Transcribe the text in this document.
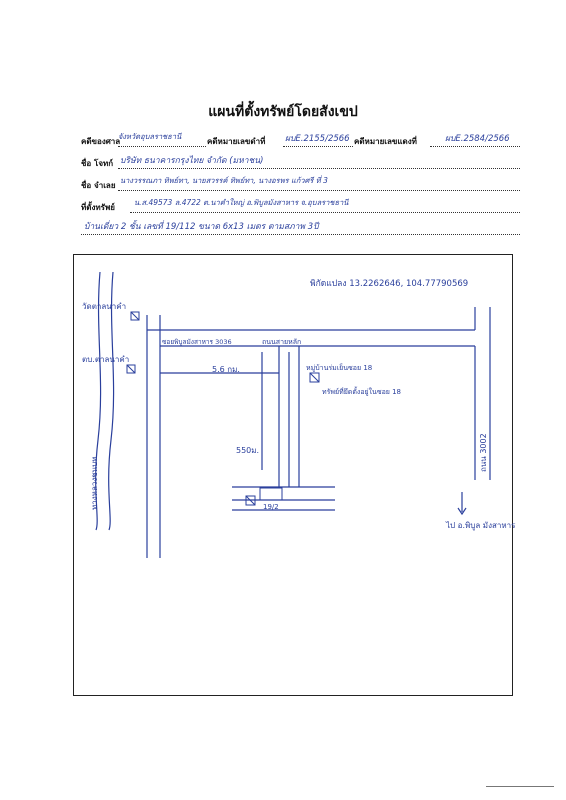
แผนที่ตั้งทรัพย์โดยสังเขป
คดีของศาล
จังหวัดอุบลราชธานี
คดีหมายเลขดำที่ ผบE.2155/2566 คดีหมายเลขแดงที่	ผบE.2584/2566
ชื่อ โจทก์ บริษัท ธนาคารกรุงไทย จำกัด (มหาชน)
ชื่อ จำเลย
นางวรรณภา ทิพย์ทา, นายสวรรค์ ทิพย์ทา, นางอรพร แก้วศรี ที่ 3
ที่ตั้งทรัพย์
น.ส.49573 ล.4722 ต.นาคำใหญ่ อ.พิบูลมังสาหาร จ.อุบลราชธานี
บ้านเดี่ยว 2 ชั้น เลขที่ 19/112 ขนาด 6x13 เมตร ตามสภาพ 3ปี
พิกัดแปลง 13.2262646, 104.77790569
วัดตาลนาคำ
ตบ.ตาลนาคำ
ซอยพิบูลมังสาหาร 3036	ถนนสายหลัก
5.6 กม.
550ม.
หมู่บ้านร่มเย็นซอย 18
ทรัพย์ที่ยึดตั้งอยู่ในซอย 18
19/2
ถนน 3002
ทางหลวงชนบท
ไป อ.พิบูล มังสาหาร
